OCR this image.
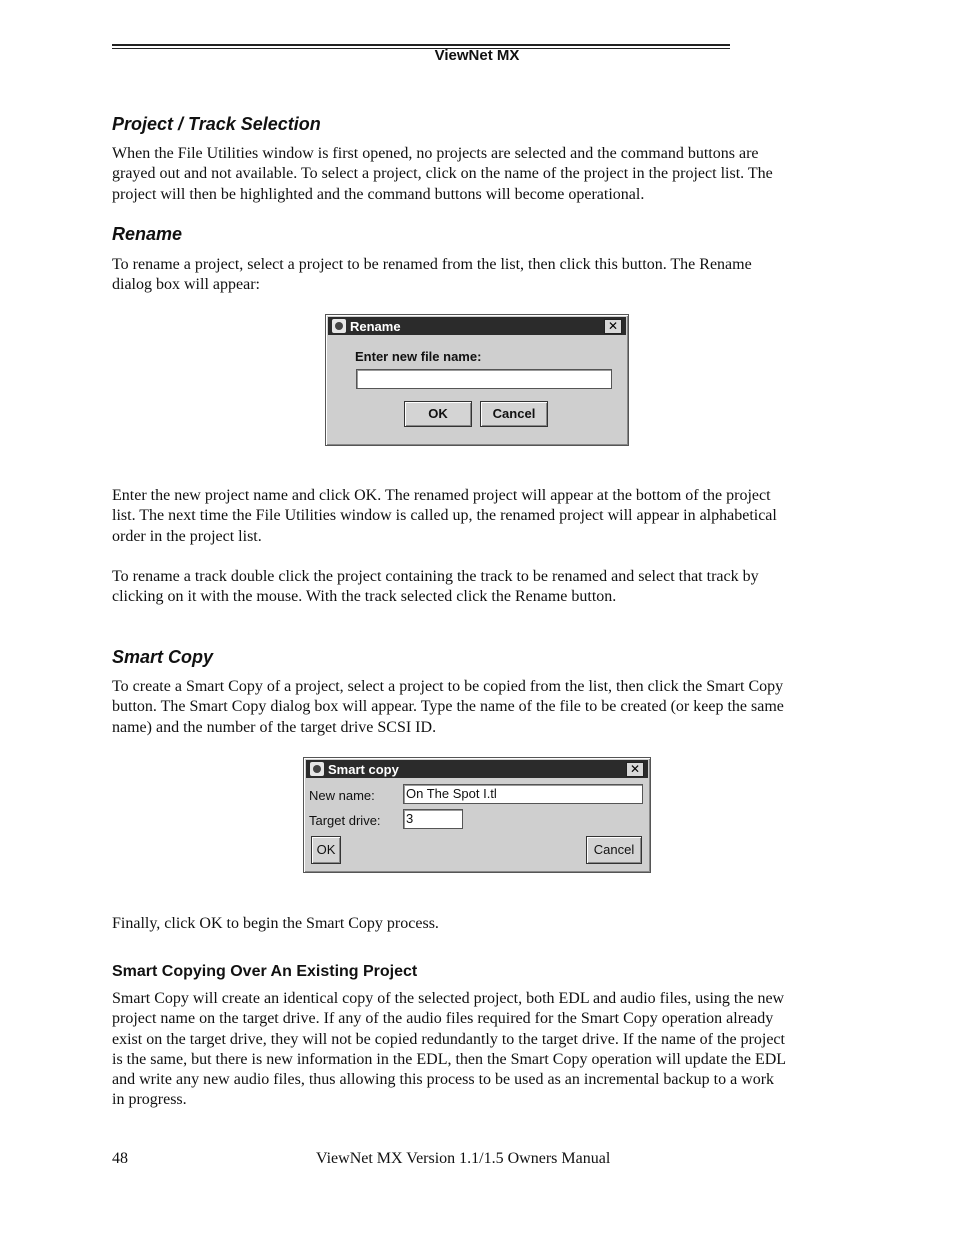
ViewNet MX
Project / Track Selection
When the File Utilities window is first opened, no projects are selected and the command buttons are
grayed out and not available. To select a project, click on the name of the project in the project list. The
project will then be highlighted and the command buttons will become operational.
Rename
To rename a project, select a project to be renamed from the list, then click this button. The Rename
dialog box will appear:
Rename	✕
Enter new file name:
OK	Cancel
Enter the new project name and click OK. The renamed project will appear at the bottom of the project
list. The next time the File Utilities window is called up, the renamed project will appear in alphabetical
order in the project list.
To rename a track double click the project containing the track to be renamed and select that track by
clicking on it with the mouse. With the track selected click the Rename button.
Smart Copy
To create a Smart Copy of a project, select a project to be copied from the list, then click the Smart Copy
button. The Smart Copy dialog box will appear. Type the name of the file to be created (or keep the same
name) and the number of the target drive SCSI ID.
Smart copy	✕
New name: On The Spot I.tl
Target drive: 3
OK	Cancel
Finally, click OK to begin the Smart Copy process.
Smart Copying Over An Existing Project
Smart Copy will create an identical copy of the selected project, both EDL and audio files, using the new
project name on the target drive. If any of the audio files required for the Smart Copy operation already
exist on the target drive, they will not be copied redundantly to the target drive. If the name of the project
is the same, but there is new information in the EDL, then the Smart Copy operation will update the EDL
and write any new audio files, thus allowing this process to be used as an incremental backup to a work
in progress.
48	ViewNet MX Version 1.1/1.5 Owners Manual
